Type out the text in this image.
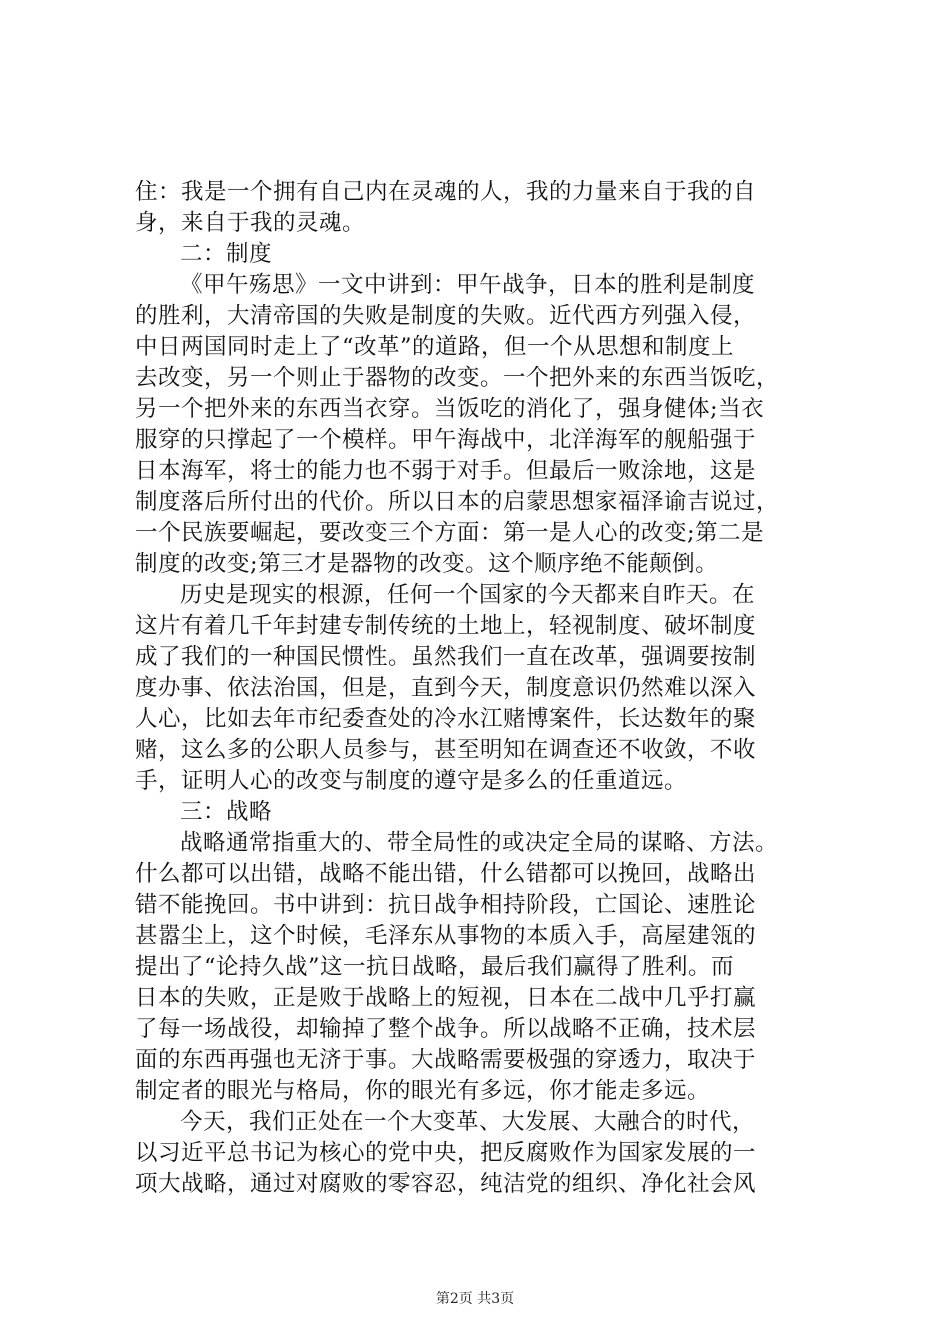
住：我是一个拥有自己内在灵魂的人，我的力量来自于我的自
身，来自于我的灵魂。
二：制度
《甲午殇思》一文中讲到：甲午战争，日本的胜利是制度
的胜利，大清帝国的失败是制度的失败。近代西方列强入侵，
中日两国同时走上了“改革”的道路，但一个从思想和制度上
去改变，另一个则止于器物的改变。一个把外来的东西当饭吃，
另一个把外来的东西当衣穿。当饭吃的消化了，强身健体;当衣
服穿的只撑起了一个模样。甲午海战中，北洋海军的舰船强于
日本海军，将士的能力也不弱于对手。但最后一败涂地，这是
制度落后所付出的代价。所以日本的启蒙思想家福泽谕吉说过，
一个民族要崛起，要改变三个方面：第一是人心的改变;第二是
制度的改变;第三才是器物的改变。这个顺序绝不能颠倒。
历史是现实的根源，任何一个国家的今天都来自昨天。在
这片有着几千年封建专制传统的土地上，轻视制度、破坏制度
成了我们的一种国民惯性。虽然我们一直在改革，强调要按制
度办事、依法治国，但是，直到今天，制度意识仍然难以深入
人心，比如去年市纪委查处的冷水江赌博案件，长达数年的聚
赌，这么多的公职人员参与，甚至明知在调查还不收敛，不收
手，证明人心的改变与制度的遵守是多么的任重道远。
三：战略
战略通常指重大的、带全局性的或决定全局的谋略、方法。
什么都可以出错，战略不能出错，什么错都可以挽回，战略出
错不能挽回。书中讲到：抗日战争相持阶段，亡国论、速胜论
甚嚣尘上，这个时候，毛泽东从事物的本质入手，高屋建瓴的
提出了“论持久战”这一抗日战略，最后我们赢得了胜利。而
日本的失败，正是败于战略上的短视，日本在二战中几乎打赢
了每一场战役，却输掉了整个战争。所以战略不正确，技术层
面的东西再强也无济于事。大战略需要极强的穿透力，取决于
制定者的眼光与格局，你的眼光有多远，你才能走多远。
今天，我们正处在一个大变革、大发展、大融合的时代，
以习近平总书记为核心的党中央，把反腐败作为国家发展的一
项大战略，通过对腐败的零容忍，纯洁党的组织、净化社会风
第2页 共3页
